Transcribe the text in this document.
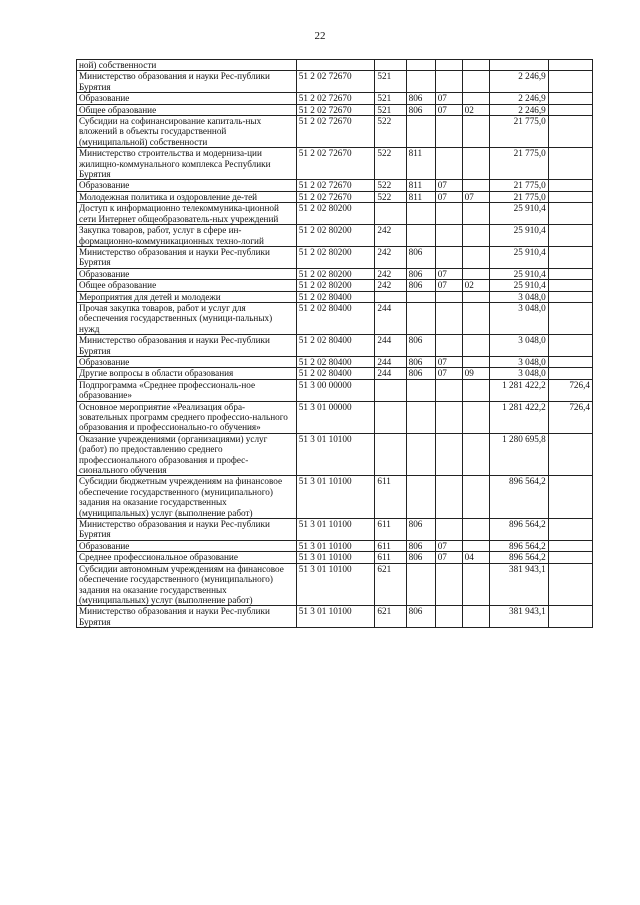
22
ной) собственности							
Министерство образования и науки Рес-публики Бурятия	51 2 02 72670	521				2 246,9	
Образование	51 2 02 72670	521	806	07		2 246,9	
Общее образование	51 2 02 72670	521	806	07	02	2 246,9	
Субсидии на софинансирование капиталь-ных вложений в объекты государственной (муниципальной) собственности	51 2 02 72670	522				21 775,0	
Министерство строительства и модерниза-ции жилищно-коммунального комплекса Республики Бурятия	51 2 02 72670	522	811			21 775,0	
Образование	51 2 02 72670	522	811	07		21 775,0	
Молодежная политика и оздоровление де-тей	51 2 02 72670	522	811	07	07	21 775,0	
Доступ к информационно телекоммуника-ционной сети Интернет общеобразователь-ных учреждений	51 2 02 80200					25 910,4	
Закупка товаров, работ, услуг в сфере ин-формационно-коммуникационных техно-логий	51 2 02 80200	242				25 910,4	
Министерство образования и науки Рес-публики Бурятия	51 2 02 80200	242	806			25 910,4	
Образование	51 2 02 80200	242	806	07		25 910,4	
Общее образование	51 2 02 80200	242	806	07	02	25 910,4	
Мероприятия для детей и молодежи	51 2 02 80400					3 048,0	
Прочая закупка товаров, работ и услуг для обеспечения государственных (муници-пальных) нужд	51 2 02 80400	244				3 048,0	
Министерство образования и науки Рес-публики Бурятия	51 2 02 80400	244	806			3 048,0	
Образование	51 2 02 80400	244	806	07		3 048,0	
Другие вопросы в области образования	51 2 02 80400	244	806	07	09	3 048,0	
Подпрограмма «Среднее профессиональ-ное образование»	51 3 00 00000					1 281 422,2	726,4
Основное мероприятие «Реализация обра-зовательных программ среднего профессио-нального образования и профессионально-го обучения»	51 3 01 00000					1 281 422,2	726,4
Оказание учреждениями (организациями) услуг (работ) по предоставлению среднего профессионального образования и профес-сионального обучения	51 3 01 10100					1 280 695,8	
Субсидии бюджетным учреждениям на финансовое обеспечение государственного (муниципального) задания на оказание государственных (муниципальных) услуг (выполнение работ)	51 3 01 10100	611				896 564,2	
Министерство образования и науки Рес-публики Бурятия	51 3 01 10100	611	806			896 564,2	
Образование	51 3 01 10100	611	806	07		896 564,2	
Среднее профессиональное образование	51 3 01 10100	611	806	07	04	896 564,2	
Субсидии автономным учреждениям на финансовое обеспечение государственного (муниципального) задания на оказание государственных (муниципальных) услуг (выполнение работ)	51 3 01 10100	621				381 943,1	
Министерство образования и науки Рес-публики Бурятия	51 3 01 10100	621	806			381 943,1	
